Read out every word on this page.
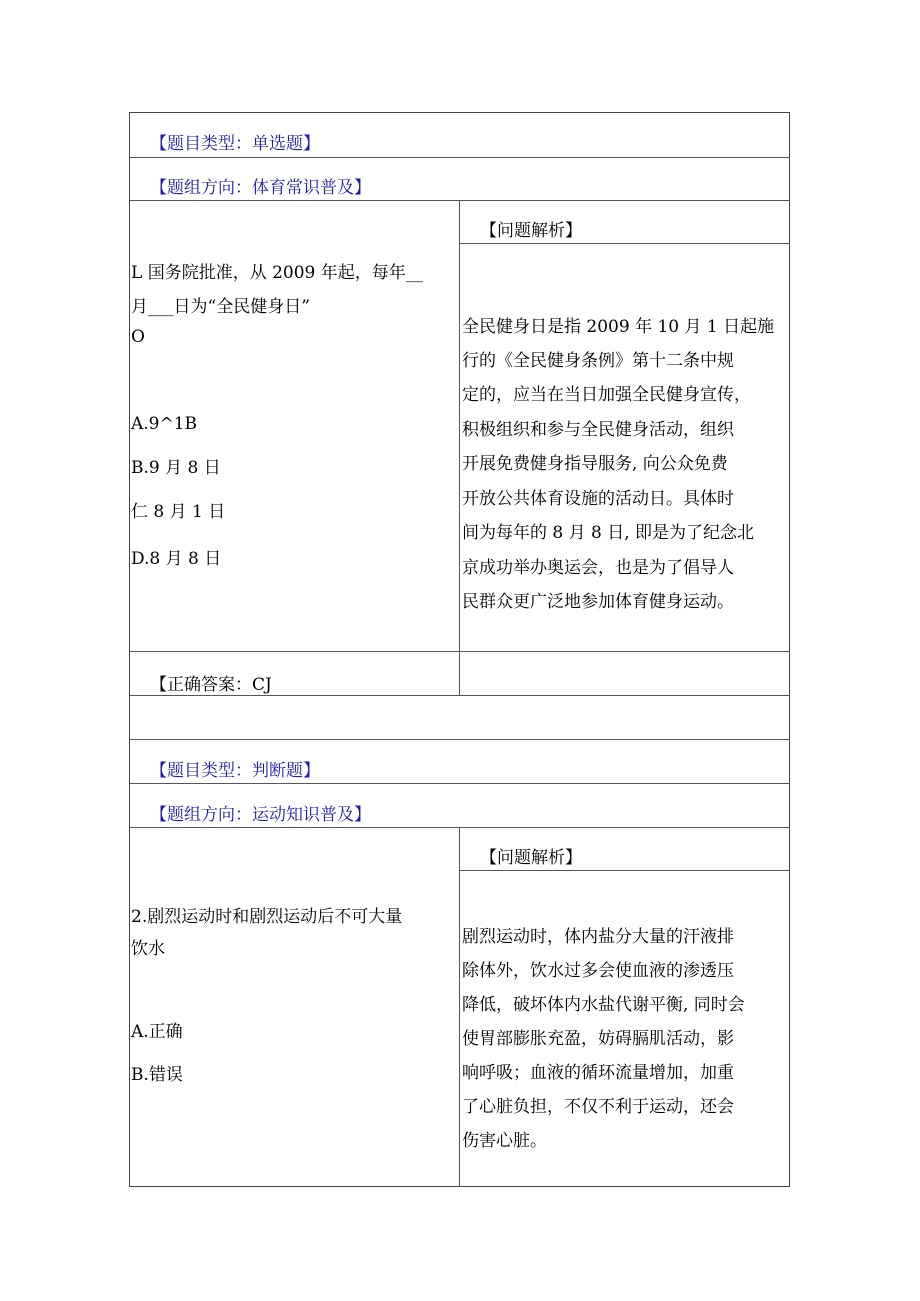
【题目类型：单选题】
【题组方向：体育常识普及】
【问题解析】
L 国务院批准，从 2009 年起，每年__
月___日为“全民健身日”
O
A.9^1B
B.9 月 8 日
仁 8 月 1 日
D.8 月 8 日
全民健身日是指 2009 年 10 月 1 日起施
行的《全民健身条例》第十二条中规
定的，应当在当日加强全民健身宣传，
积极组织和参与全民健身活动，组织
开展免费健身指导服务, 向公众免费
开放公共体育设施的活动日。具体时
间为每年的 8 月 8 日, 即是为了纪念北
京成功举办奥运会，也是为了倡导人
民群众更广泛地参加体育健身运动。
【正确答案：CJ
【题目类型：判断题】
【题组方向：运动知识普及】
【问题解析】
2.剧烈运动时和剧烈运动后不可大量
饮水
A.正确
B.错误
剧烈运动时，体内盐分大量的汗液排
除体外，饮水过多会使血液的渗透压
降低，破坏体内水盐代谢平衡, 同时会
使胃部膨胀充盈，妨碍膈肌活动，影
响呼吸；血液的循环流量增加，加重
了心脏负担，不仅不利于运动，还会
伤害心脏。
